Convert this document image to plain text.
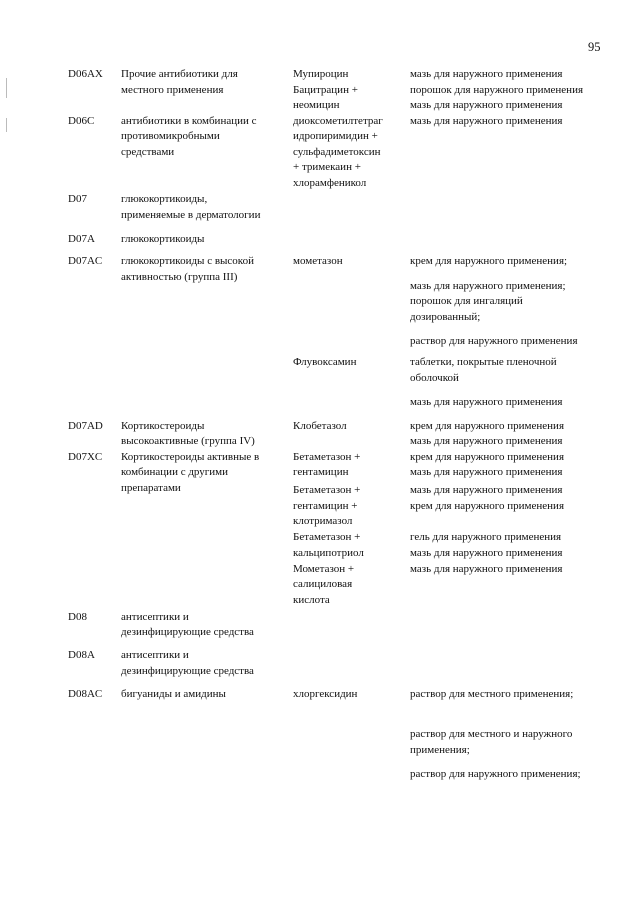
95
D06AX Прочие антибиотики для
местного применения
D06C антибиотики в комбинации с
противомикробными
средствами
D07	глюкокортикоиды,
применяемые в дерматологии
D07A глюкокортикоиды
D07AC глюкокортикоиды с высокой
активностью (группа III)
D07AD Кортикостероиды
высокоактивные (группа IV)
D07XC Кортикостероиды активные в
комбинации с другими
препаратами
D08	антисептики и
дезинфицирующие средства
D08A антисептики и
дезинфицирующие средства
D08AC бигуаниды и амидины
Мупироцин
Бацитрацин +
неомицин
диоксометилтетраг
идропиримидин +
сульфадиметоксин
+ тримекаин +
хлорамфеникол
мометазон
Флувоксамин
Клобетазол
Бетаметазон +
гентамицин
Бетаметазон +
гентамицин +
клотримазол
Бетаметазон +
кальципотриол
Мометазон +
салициловая
кислота
хлоргексидин
мазь для наружного применения
порошок для наружного применения
мазь для наружного применения
мазь для наружного применения
крем для наружного применения;
мазь для наружного применения;
порошок для ингаляций
дозированный;
раствор для наружного применения
таблетки, покрытые пленочной
оболочкой
мазь для наружного применения
крем для наружного применения
мазь для наружного применения
крем для наружного применения
мазь для наружного применения
мазь для наружного применения
крем для наружного применения
гель для наружного применения
мазь для наружного применения
мазь для наружного применения
раствор для местного применения;
раствор для местного и наружного
применения;
раствор для наружного применения;
